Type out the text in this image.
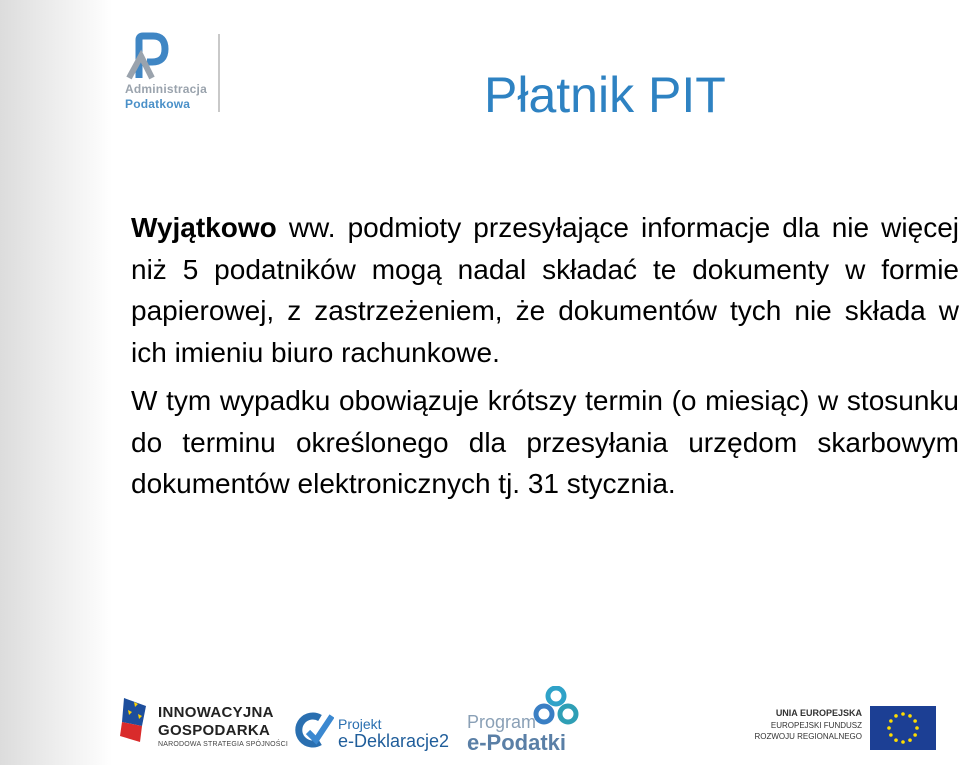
Administracja
Podatkowa	Płatnik PIT

Wyjątkowo ww. podmioty przesyłające informacje dla nie więcej niż 5 podatników mogą nadal składać te dokumenty w formie papierowej, z zastrzeżeniem, że dokumentów tych nie składa w ich imieniu biuro rachunkowe.

W tym wypadku obowiązuje krótszy termin (o miesiąc) w stosunku do terminu określonego dla przesyłania urzędom skarbowym dokumentów elektronicznych tj. 31 stycznia.

INNOWACYJNA
GOSPODARKA
NARODOWA STRATEGIA SPÓJNOŚCI
Projekt
e-Deklaracje2
Program
e-Podatki
UNIA EUROPEJSKA
EUROPEJSKI FUNDUSZ
ROZWOJU REGIONALNEGO
